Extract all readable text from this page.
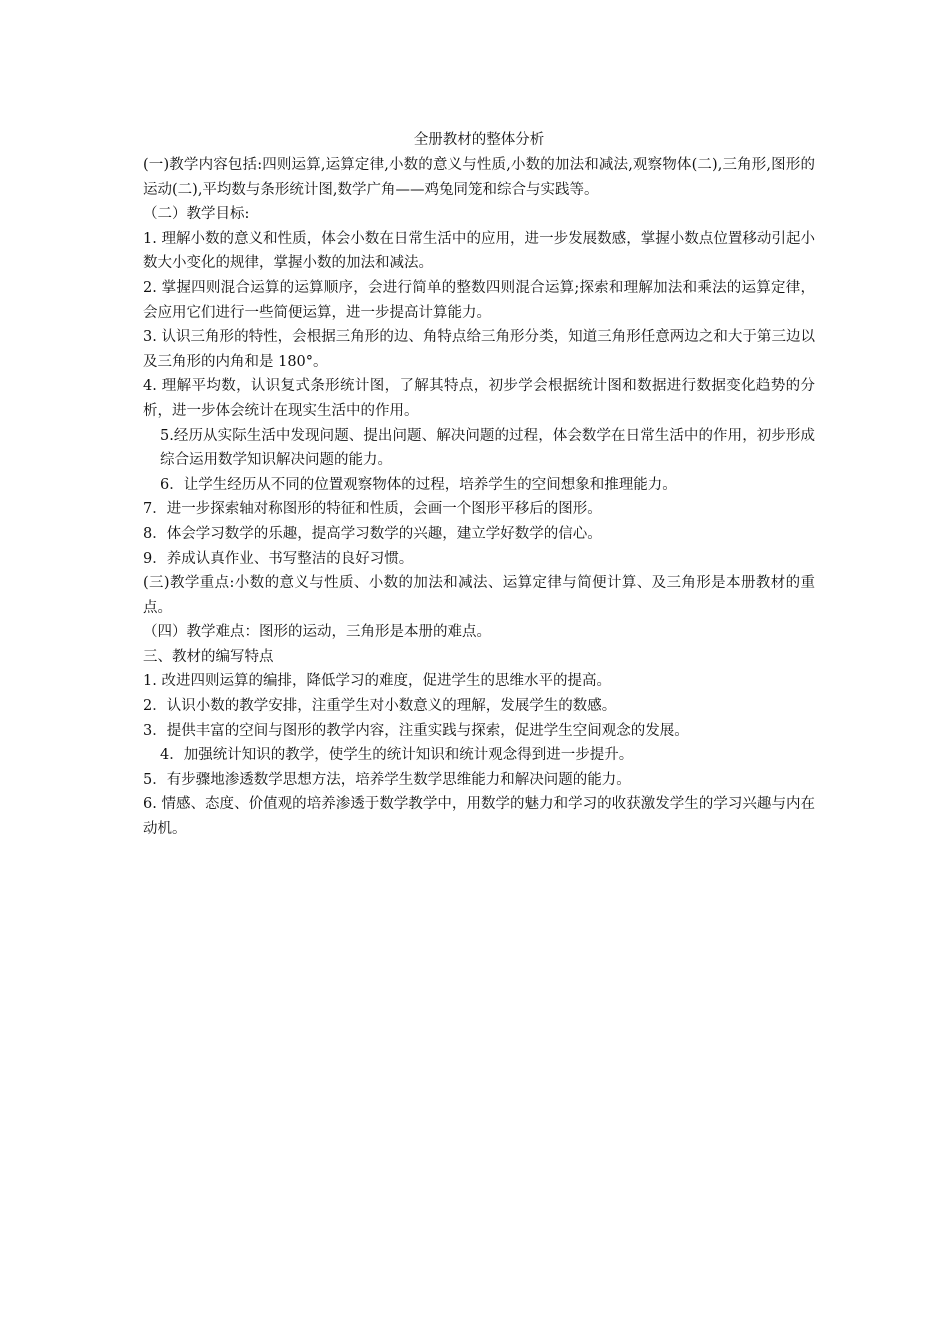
全册教材的整体分析

(一)教学内容包括:四则运算,运算定律,小数的意义与性质,小数的加法和减法,观察物体(二),三角形,图形的运动(二),平均数与条形统计图,数学广角——鸡兔同笼和综合与实践等。

（二）教学目标:

1. 理解小数的意义和性质，体会小数在日常生活中的应用，进一步发展数感，掌握小数点位置移动引起小数大小变化的规律，掌握小数的加法和减法。

2. 掌握四则混合运算的运算顺序，会进行简单的整数四则混合运算;探索和理解加法和乘法的运算定律，会应用它们进行一些简便运算，进一步提高计算能力。

3. 认识三角形的特性，会根据三角形的边、角特点给三角形分类，知道三角形任意两边之和大于第三边以及三角形的内角和是 180°。

4. 理解平均数，认识复式条形统计图，了解其特点，初步学会根据统计图和数据进行数据变化趋势的分析，进一步体会统计在现实生活中的作用。

5.经历从实际生活中发现问题、提出问题、解决问题的过程，体会数学在日常生活中的作用，初步形成综合运用数学知识解决问题的能力。

6．让学生经历从不同的位置观察物体的过程，培养学生的空间想象和推理能力。

7．进一步探索轴对称图形的特征和性质，会画一个图形平移后的图形。

8．体会学习数学的乐趣，提高学习数学的兴趣，建立学好数学的信心。

9．养成认真作业、书写整洁的良好习惯。

(三)教学重点:小数的意义与性质、小数的加法和减法、运算定律与简便计算、及三角形是本册教材的重点。

（四）教学难点：图形的运动，三角形是本册的难点。

三、教材的编写特点

1. 改进四则运算的编排，降低学习的难度，促进学生的思维水平的提高。

2．认识小数的教学安排，注重学生对小数意义的理解，发展学生的数感。

3．提供丰富的空间与图形的教学内容，注重实践与探索，促进学生空间观念的发展。

4．加强统计知识的教学，使学生的统计知识和统计观念得到进一步提升。

5．有步骤地渗透数学思想方法，培养学生数学思维能力和解决问题的能力。

6. 情感、态度、价值观的培养渗透于数学教学中，用数学的魅力和学习的收获激发学生的学习兴趣与内在动机。
